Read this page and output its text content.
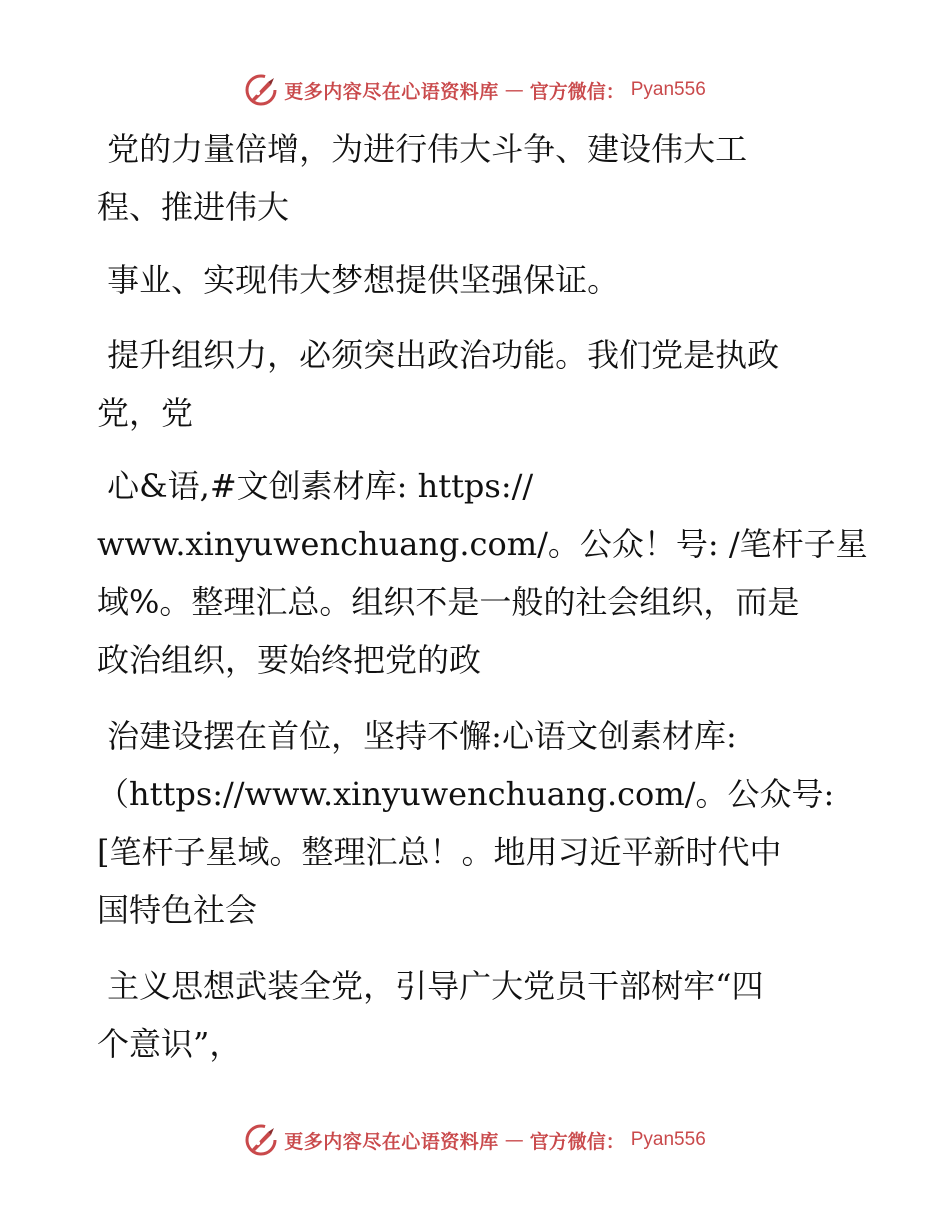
更多内容尽在心语资料库 — 官方微信： Pyan556

党的力量倍增，为进行伟大斗争、建设伟大工
程、推进伟大

事业、实现伟大梦想提供坚强保证。

提升组织力，必须突出政治功能。我们党是执政
党，党

心&语,#文创素材库: https://
www.xinyuwenchuang.com/。公众！号: /笔杆子星
域%。整理汇总。组织不是一般的社会组织，而是
政治组织，要始终把党的政

治建设摆在首位，坚持不懈:心语文创素材库:
（https://www.xinyuwenchuang.com/。公众号:
[笔杆子星域。整理汇总！。地用习近平新时代中
国特色社会

主义思想武装全党，引导广大党员干部树牢“四
个意识”，

更多内容尽在心语资料库 — 官方微信： Pyan556
